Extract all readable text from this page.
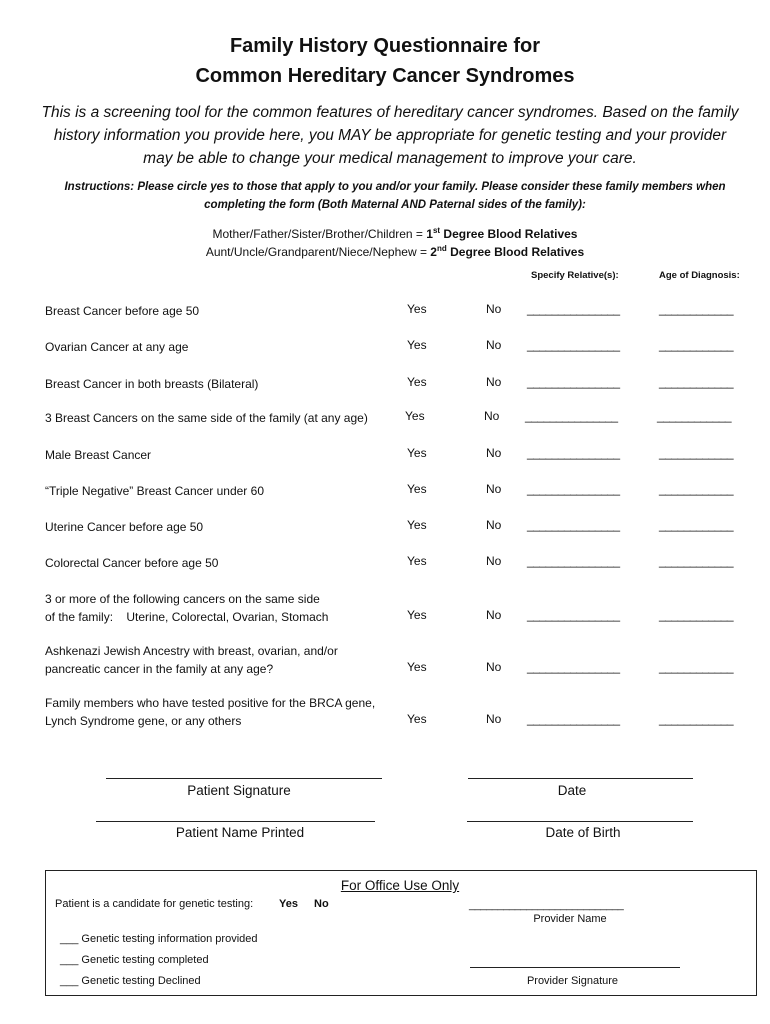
Family History Questionnaire for
Common Hereditary Cancer Syndromes
This is a screening tool for the common features of hereditary cancer syndromes. Based on the family history information you provide here, you MAY be appropriate for genetic testing and your provider may be able to change your medical management to improve your care.
Instructions: Please circle yes to those that apply to you and/or your family. Please consider these family members when completing the form (Both Maternal AND Paternal sides of the family):
Mother/Father/Sister/Brother/Children = 1st Degree Blood Relatives
Aunt/Uncle/Grandparent/Niece/Nephew = 2nd Degree Blood Relatives
Specify Relative(s):	Age of Diagnosis:
Breast Cancer before age 50	Yes	No _______________	____________
Ovarian Cancer at any age	Yes	No _______________	____________
Breast Cancer in both breasts (Bilateral)	Yes	No _______________	____________
3 Breast Cancers on the same side of the family (at any age)	Yes	No _______________	____________
Male Breast Cancer	Yes	No _______________	____________
“Triple Negative” Breast Cancer under 60	Yes	No _______________	____________
Uterine Cancer before age 50	Yes	No _______________	____________
Colorectal Cancer before age 50	Yes	No _______________	____________
3 or more of the following cancers on the same side
of the family:    Uterine, Colorectal, Ovarian, Stomach	Yes	No _______________	____________
Ashkenazi Jewish Ancestry with breast, ovarian, and/or
pancreatic cancer in the family at any age?	Yes	No _______________	____________
Family members who have tested positive for the BRCA gene,
Lynch Syndrome gene, or any others	Yes	No _______________	____________
Patient Signature	Date
Patient Name Printed	Date of Birth
For Office Use Only
Patient is a candidate for genetic testing: Yes No	___________________________
Provider Name
___ Genetic testing information provided
___ Genetic testing completed
___ Genetic testing Declined	Provider Signature
